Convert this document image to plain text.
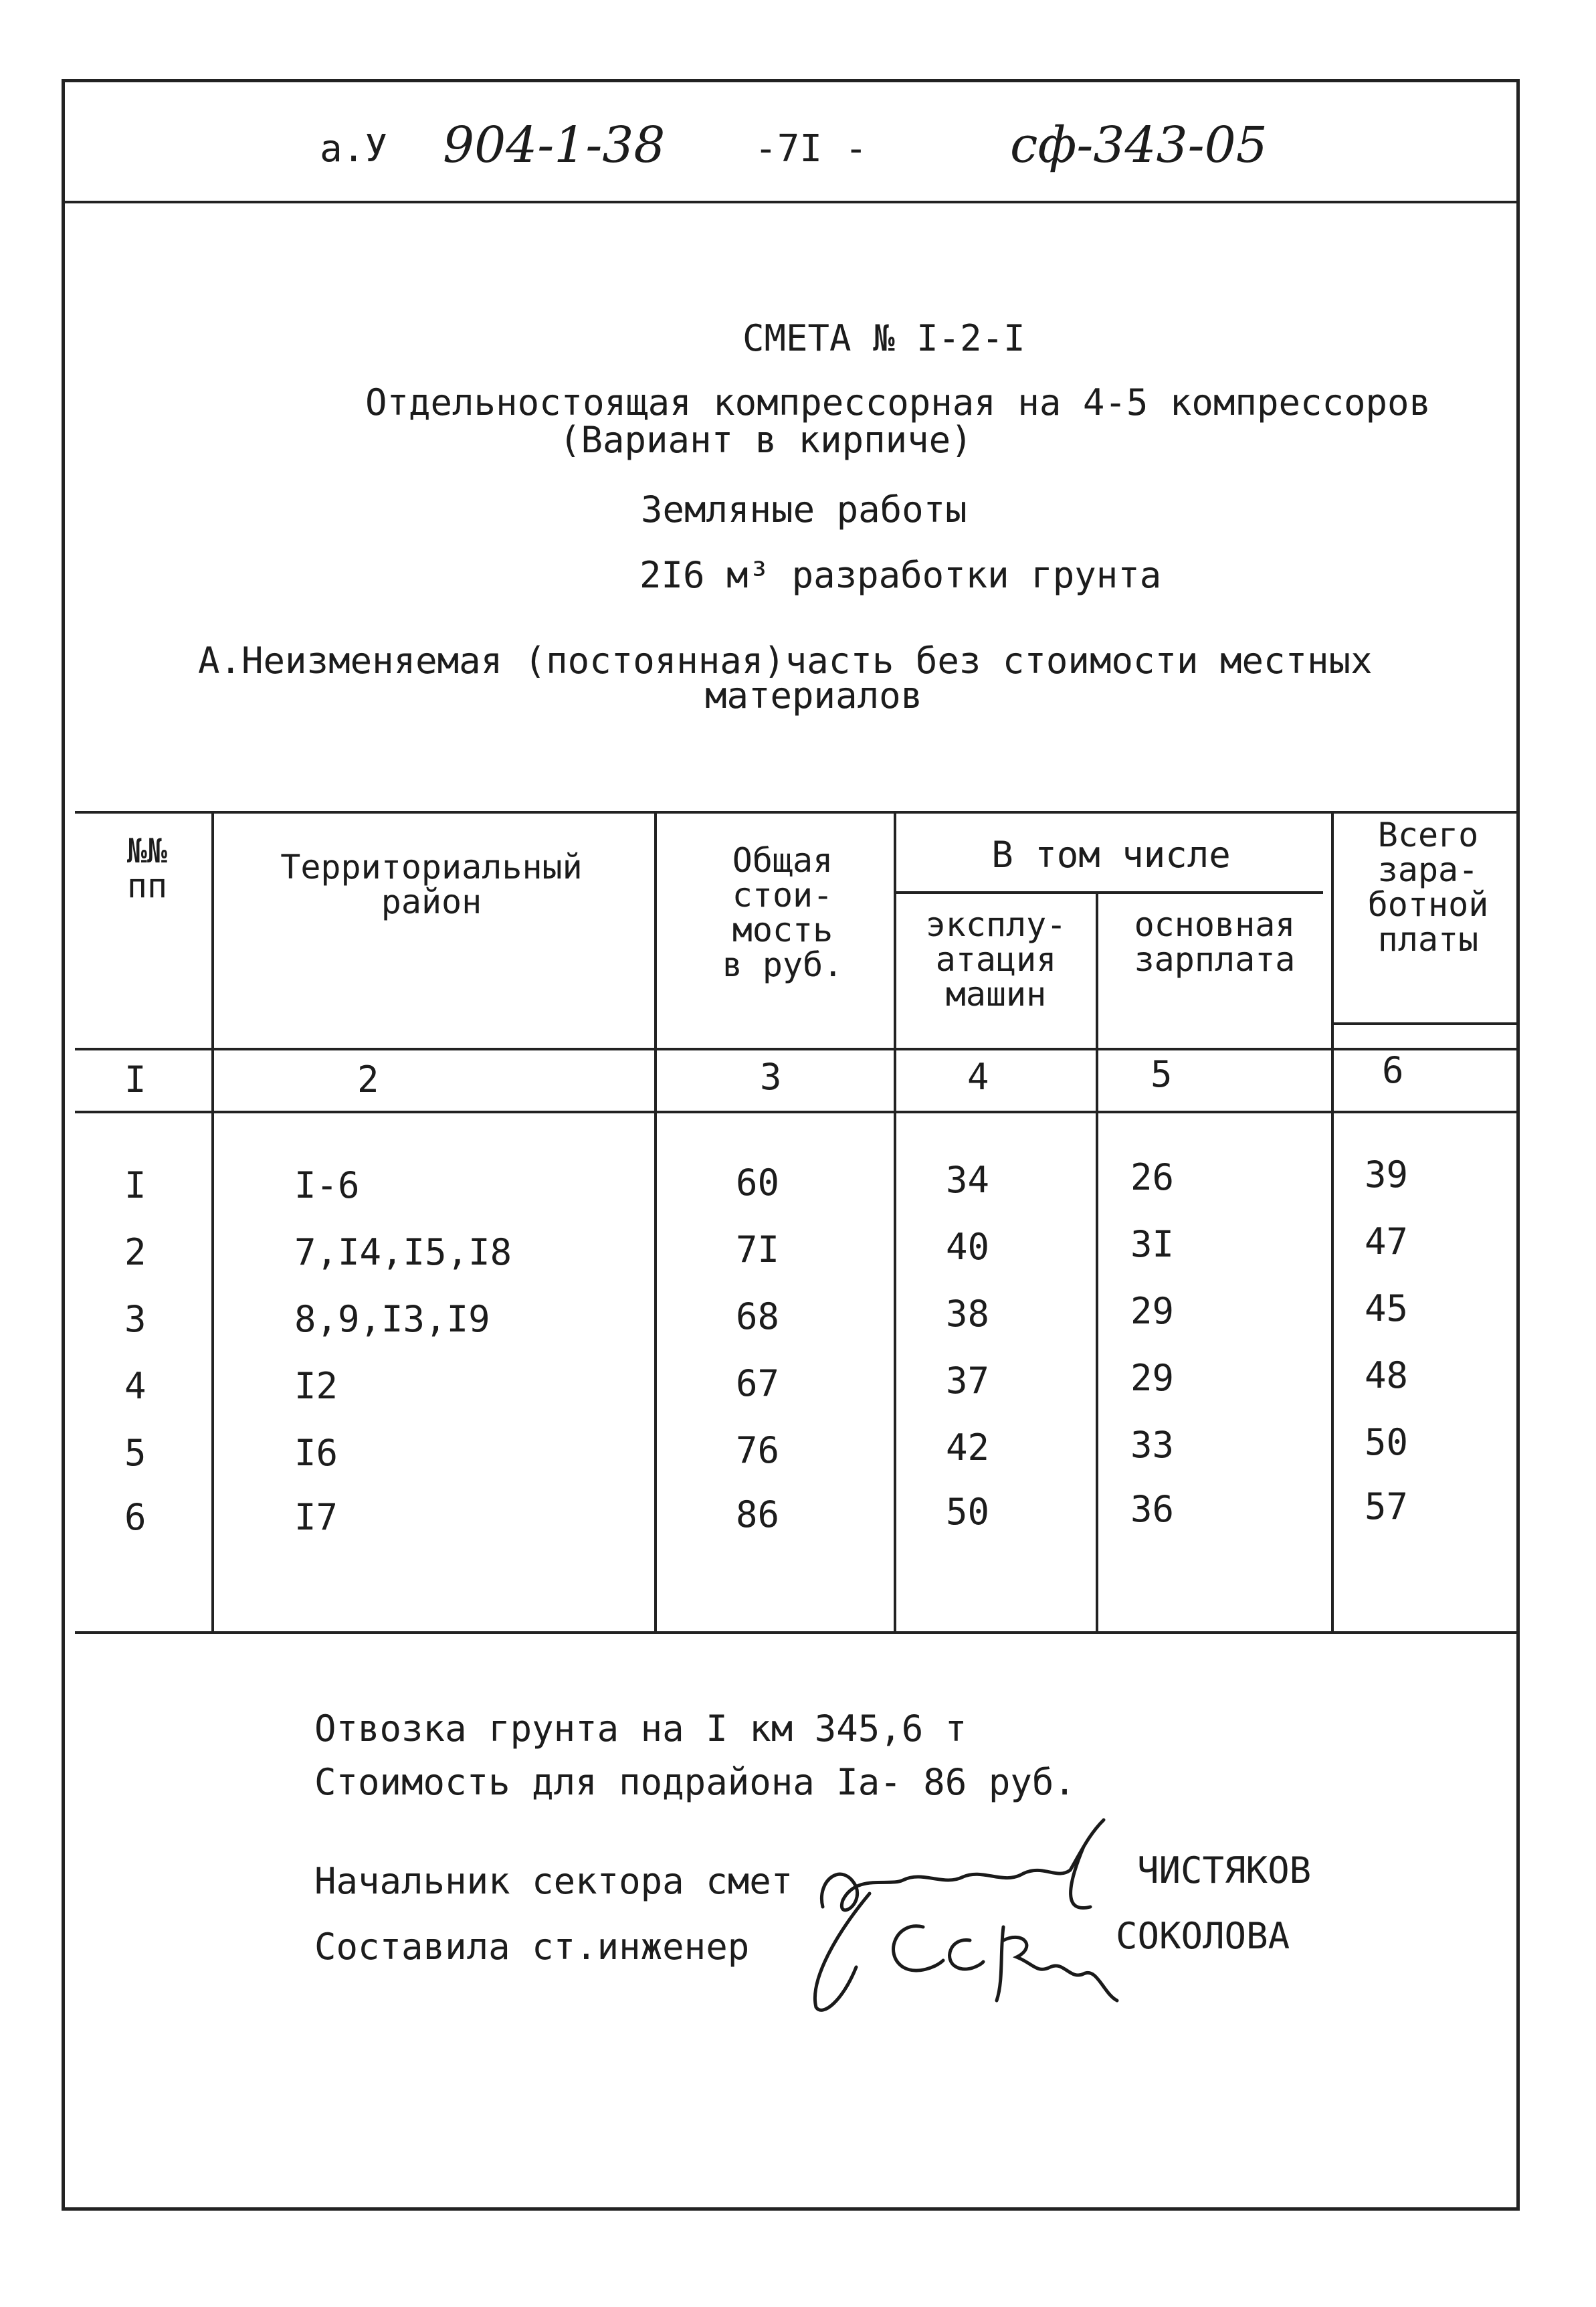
а.У 904-1-38 -7I -	сф-343-05
СМЕТА № I-2-I
Отдельностоящая компрессорная на 4-5 компрессоров
(Вариант в кирпиче)
Земляные работы
2I6 м³ разработки грунта
А.Неизменяемая (постоянная)часть без стоимости местных
материалов
№№
пп	Территориальный
район
Общая
стои-
мость
в руб.
В том числе
эксплу-
атация
машин
основная
зарплата
Всего
зара-
ботной
платы
I	2	3	4	5	6
I	I-6	60	34	26	39
2	7,I4,I5,I8	7I	40	3I	47
3	8,9,I3,I9	68	38	29	45
4	I2	67	37	29	48
5	I6	76	42	33	50
6	I7	86	50	36	57
Отвозка грунта на I км 345,6 т
Стоимость для подрайона Iа- 86 руб.
Начальник сектора смет	ЧИСТЯКОВ
Составила ст.инженер	СОКОЛОВА
